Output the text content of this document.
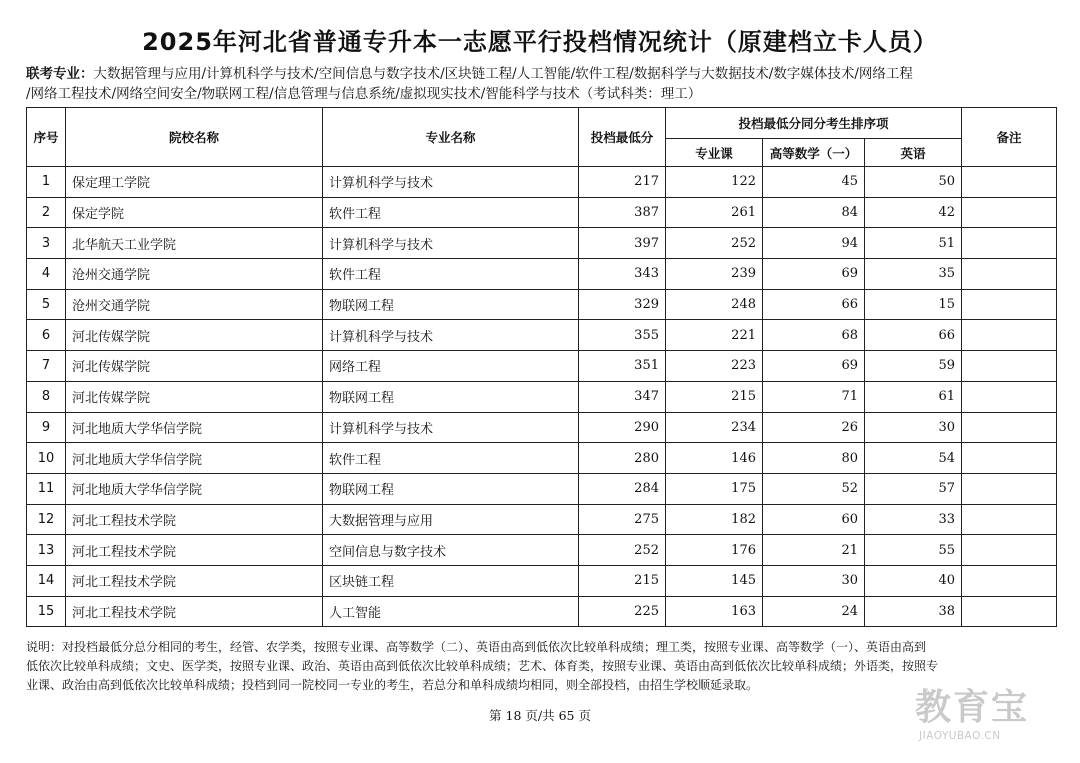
2025年河北省普通专升本一志愿平行投档情况统计（原建档立卡人员）
联考专业：大数据管理与应用/计算机科学与技术/空间信息与数字技术/区块链工程/人工智能/软件工程/数据科学与大数据技术/数字媒体技术/网络工程
/网络工程技术/网络空间安全/物联网工程/信息管理与信息系统/虚拟现实技术/智能科学与技术（考试科类：理工）
序号	院校名称	专业名称	投档最低分	投档最低分同分考生排序项			备注
				专业课	高等数学（一）	英语	
1	保定理工学院	计算机科学与技术	217	122	45	50	
2	保定学院	软件工程	387	261	84	42	
3	北华航天工业学院	计算机科学与技术	397	252	94	51	
4	沧州交通学院	软件工程	343	239	69	35	
5	沧州交通学院	物联网工程	329	248	66	15	
6	河北传媒学院	计算机科学与技术	355	221	68	66	
7	河北传媒学院	网络工程	351	223	69	59	
8	河北传媒学院	物联网工程	347	215	71	61	
9	河北地质大学华信学院	计算机科学与技术	290	234	26	30	
10	河北地质大学华信学院	软件工程	280	146	80	54	
11	河北地质大学华信学院	物联网工程	284	175	52	57	
12	河北工程技术学院	大数据管理与应用	275	182	60	33	
13	河北工程技术学院	空间信息与数字技术	252	176	21	55	
14	河北工程技术学院	区块链工程	215	145	30	40	
15	河北工程技术学院	人工智能	225	163	24	38	
说明：对投档最低分总分相同的考生，经管、农学类，按照专业课、高等数学（二）、英语由高到低依次比较单科成绩；理工类，按照专业课、高等数学（一）、英语由高到
低依次比较单科成绩；文史、医学类，按照专业课、政治、英语由高到低依次比较单科成绩；艺术、体育类，按照专业课、英语由高到低依次比较单科成绩；外语类，按照专
业课、政治由高到低依次比较单科成绩；投档到同一院校同一专业的考生，若总分和单科成绩均相同，则全部投档，由招生学校顺延录取。
第 18 页/共 65 页	教育宝
JIAOYUBAO.CN
